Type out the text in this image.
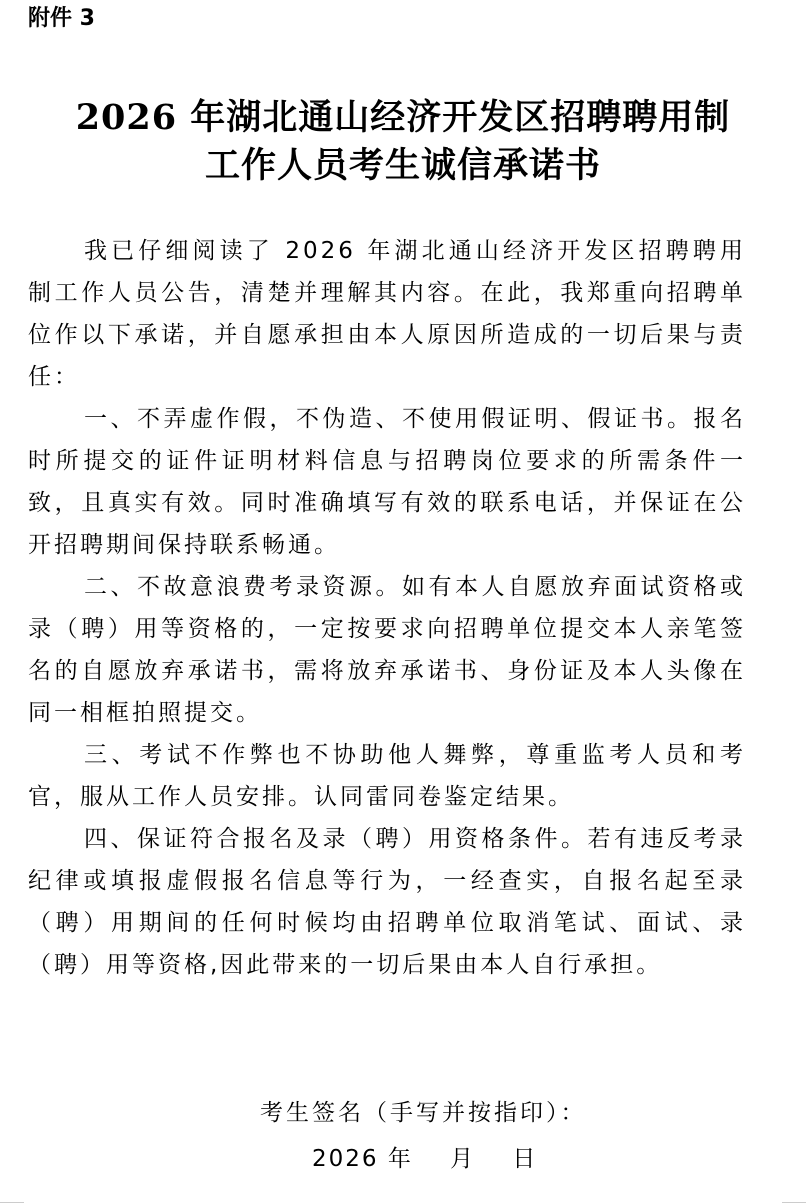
附件 3
2026 年湖北通山经济开发区招聘聘用制
工作人员考生诚信承诺书

我已仔细阅读了 2026 年湖北通山经济开发区招聘聘用制工作人员公告，清楚并理解其内容。在此，我郑重向招聘单位作以下承诺，并自愿承担由本人原因所造成的一切后果与责任：

一、不弄虚作假，不伪造、不使用假证明、假证书。报名时所提交的证件证明材料信息与招聘岗位要求的所需条件一致，且真实有效。同时准确填写有效的联系电话，并保证在公开招聘期间保持联系畅通。

二、不故意浪费考录资源。如有本人自愿放弃面试资格或录（聘）用等资格的，一定按要求向招聘单位提交本人亲笔签名的自愿放弃承诺书，需将放弃承诺书、身份证及本人头像在同一相框拍照提交。

三、考试不作弊也不协助他人舞弊，尊重监考人员和考官，服从工作人员安排。认同雷同卷鉴定结果。

四、保证符合报名及录（聘）用资格条件。若有违反考录纪律或填报虚假报名信息等行为，一经查实，自报名起至录（聘）用期间的任何时候均由招聘单位取消笔试、面试、录（聘）用等资格,因此带来的一切后果由本人自行承担。

考生签名（手写并按指印）：
2026 年    月    日
